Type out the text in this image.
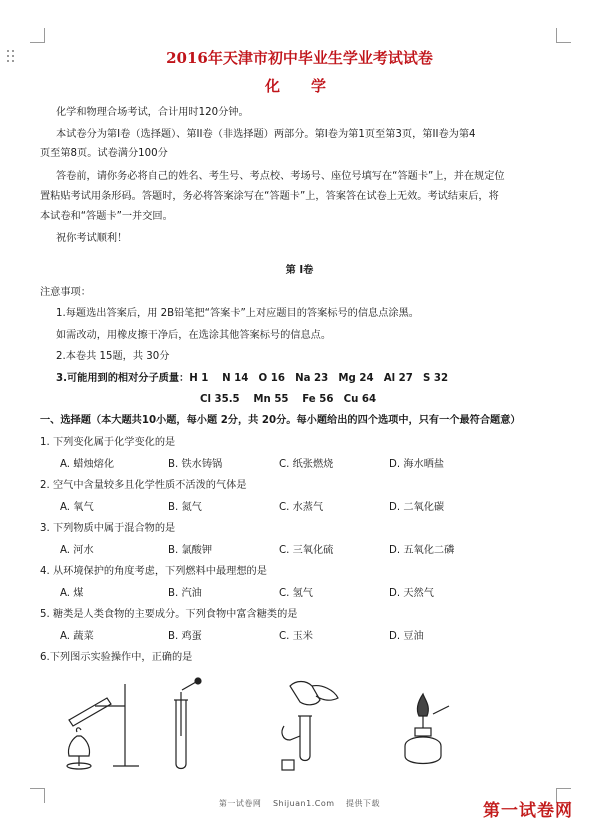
2016年天津市初中毕业生学业考试试卷
化　学
化学和物理合场考试，合计用时120分钟。
本试卷分为第I卷（选择题）、第II卷（非选择题）两部分。第I卷为第1页至第3页，第II卷为第4
页至第8页。试卷满分100分
答卷前，请你务必将自己的姓名、考生号、考点校、考场号、座位号填写在“答题卡”上，并在规定位
置粘贴考试用条形码。答题时，务必将答案涂写在“答题卡”上，答案答在试卷上无效。考试结束后，将
本试卷和“答题卡”一并交回。
祝你考试顺利！
第 I卷
注意事项：
1.每题选出答案后，用 2B铅笔把“答案卡”上对应题目的答案标号的信息点涂黑。
如需改动，用橡皮擦干净后，在选涂其他答案标号的信息点。
2.本卷共 15题，共 30分
3.可能用到的相对分子质量：H 1　 N 14　O 16　Na 23　Mg 24　Al 27　S 32
Cl 35.5　 Mn 55　 Fe 56　Cu 64
一、选择题（本大题共10小题，每小题 2分，共 20分。每小题给出的四个选项中，只有一个最符合题意）
1. 下列变化属于化学变化的是
A. 蜡烛熔化	B. 铁水铸锅	C. 纸张燃烧	D. 海水晒盐
2. 空气中含量较多且化学性质不活泼的气体是
A. 氧气	B. 氮气	C. 水蒸气	D. 二氧化碳
3. 下列物质中属于混合物的是
A. 河水	B. 氯酸钾	C. 三氧化硫	D. 五氧化二磷
4. 从环境保护的角度考虑，下列燃料中最理想的是
A. 煤	B. 汽油	C. 氢气	D. 天然气
5. 糖类是人类食物的主要成分。下列食物中富含糖类的是
A. 蔬菜	B. 鸡蛋	C. 玉米	D. 豆油
6.下列图示实验操作中，正确的是
第一试卷网　 Shijuan1.Com　 提供下载	第一试卷网
